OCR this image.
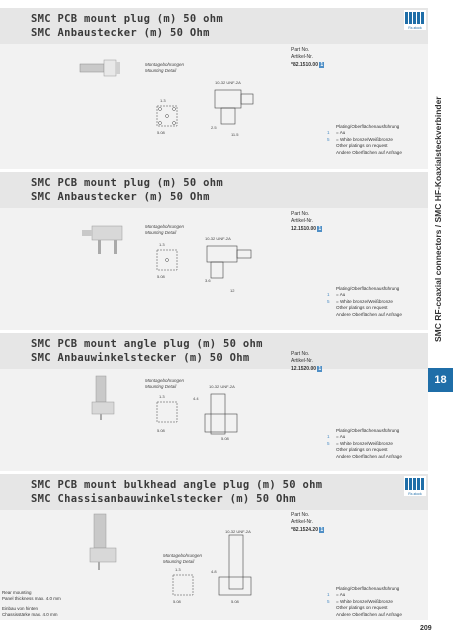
SMC PCB mount plug (m) 50 ohm
SMC Anbaustecker (m) 50 Ohm	Rx-stock
Montagebohrungen
Mounting Detail
1.3
5.08
10-32 UNF-2A
2.5
11.5
Part No.
Artikel-Nr.
*82.1510.00 1
Plating/Oberflächenausführung
1 = Au
5 = White bronze/Weißbronze
Other platings on request
Andere Oberflächen auf Anfrage
SMC PCB mount plug (m) 50 ohm
SMC Anbaustecker (m) 50 Ohm
Montagebohrungen
Mounting Detail
1.3
5.08
10-32 UNF-2A
3.6
12
Part No.
Artikel-Nr.
12.1510.00 1
Plating/Oberflächenausführung
1 = Au
5 = White bronze/Weißbronze
Other platings on request
Andere Oberflächen auf Anfrage
SMC PCB mount angle plug (m) 50 ohm
SMC Anbauwinkelstecker (m) 50 Ohm
Montagebohrungen
Mounting Detail
1.3
5.08
10-32 UNF-2A
4.4
5.08
Part No.
Artikel-Nr.
12.1520.00 1
Plating/Oberflächenausführung
1 = Au
5 = White bronze/Weißbronze
Other platings on request
Andere Oberflächen auf Anfrage
SMC PCB mount bulkhead angle plug (m) 50 ohm
SMC Chassisanbauwinkelstecker (m) 50 Ohm	Rx-stock
Montagebohrungen
Mounting Detail
1.3
5.08
10-32 UNF-2A
4.8
5.08
Part No.
Artikel-Nr.
*82.1524.20 1
Plating/Oberflächenausführung
1 = Au
5 = White bronze/Weißbronze
Other platings on request
Andere Oberflächen auf Anfrage
Rear mounting
Panel thickness max. 4.0 mm
Einbau von hinten
Chassisstärke max. 4.0 mm
SMC RF-coaxial connectors / SMC HF-Koaxialsteckverbinder
18
209
